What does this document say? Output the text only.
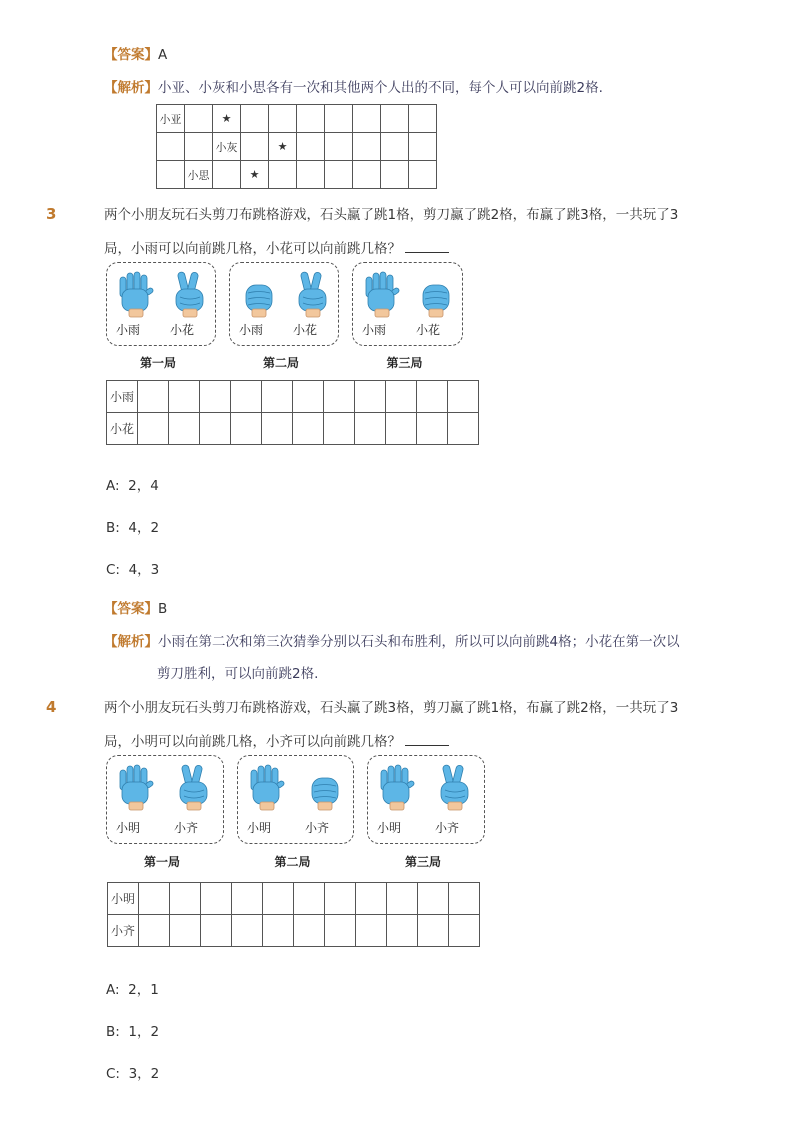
【答案】A
【解析】小亚、小灰和小思各有一次和其他两个人出的不同，每个人可以向前跳2格.
小亚		★							
		小灰		★					
	小思		★						
3	两个小朋友玩石头剪刀布跳格游戏，石头赢了跳1格，剪刀赢了跳2格，布赢了跳3格，一共玩了3
局，小雨可以向前跳几格，小花可以向前跳几格？
小雨 小花
第一局
小雨 小花
第二局
小雨 小花
第三局
小雨											
小花											
A: 2，4
B: 4，2
C: 4，3
【答案】B
【解析】小雨在第二次和第三次猜拳分别以石头和布胜利，所以可以向前跳4格；小花在第一次以
剪刀胜利，可以向前跳2格.
4	两个小朋友玩石头剪刀布跳格游戏，石头赢了跳3格，剪刀赢了跳1格，布赢了跳2格，一共玩了3
局，小明可以向前跳几格，小齐可以向前跳几格？
小明	小齐
第一局
小明	小齐
第二局
小明	小齐
第三局
小明											
小齐											
A: 2，1
B: 1，2
C: 3，2
